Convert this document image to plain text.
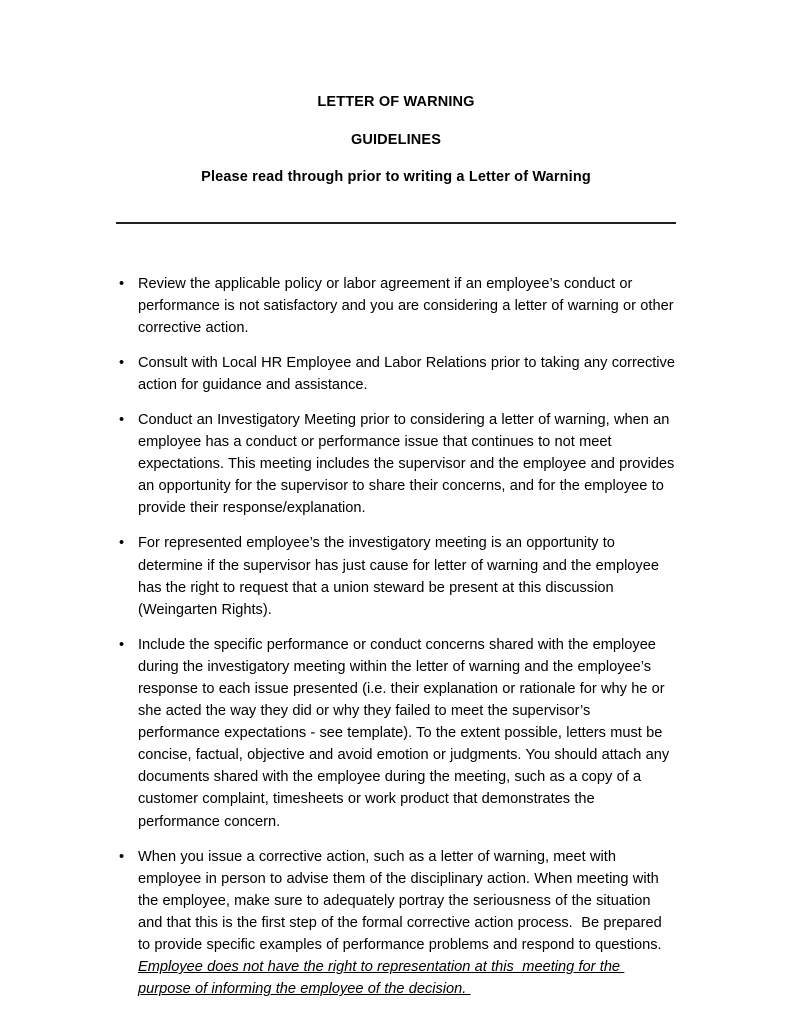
LETTER OF WARNING
GUIDELINES
Please read through prior to writing a Letter of Warning
• Review the applicable policy or labor agreement if an employee’s conduct or performance is not satisfactory and you are considering a letter of warning or other corrective action.
• Consult with Local HR Employee and Labor Relations prior to taking any corrective action for guidance and assistance.
• Conduct an Investigatory Meeting prior to considering a letter of warning, when an employee has a conduct or performance issue that continues to not meet expectations. This meeting includes the supervisor and the employee and provides an opportunity for the supervisor to share their concerns, and for the employee to provide their response/explanation.
• For represented employee’s the investigatory meeting is an opportunity to determine if the supervisor has just cause for letter of warning and the employee has the right to request that a union steward be present at this discussion (Weingarten Rights).
• Include the specific performance or conduct concerns shared with the employee during the investigatory meeting within the letter of warning and the employee’s response to each issue presented (i.e. their explanation or rationale for why he or she acted the way they did or why they failed to meet the supervisor’s performance expectations - see template). To the extent possible, letters must be concise, factual, objective and avoid emotion or judgments. You should attach any documents shared with the employee during the meeting, such as a copy of a customer complaint, timesheets or work product that demonstrates the performance concern.
• When you issue a corrective action, such as a letter of warning, meet with employee in person to advise them of the disciplinary action. When meeting with the employee, make sure to adequately portray the seriousness of the situation and that this is the first step of the formal corrective action process.  Be prepared to provide specific examples of performance problems and respond to questions. Employee does not have the right to representation at this  meeting for the purpose of informing the employee of the decision.
